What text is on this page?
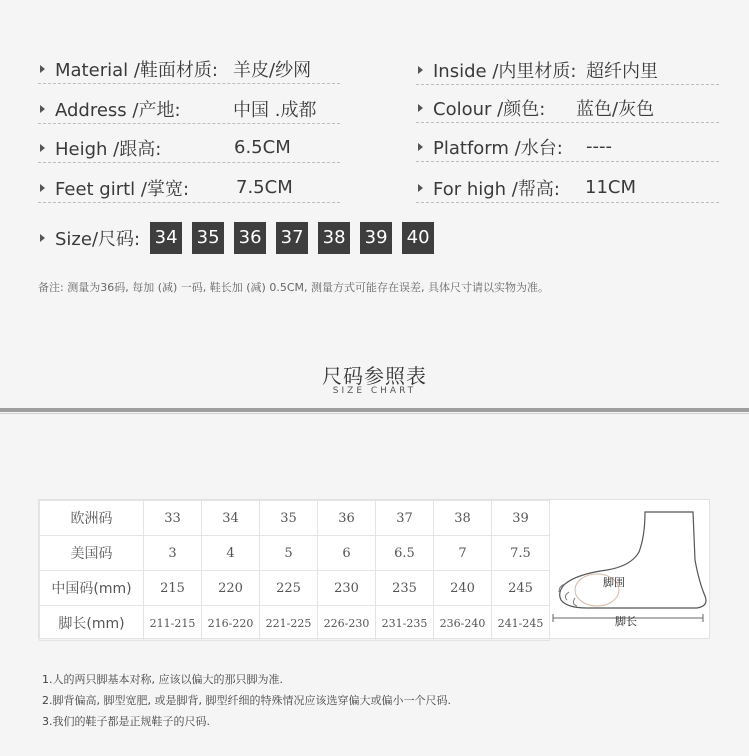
Material /鞋面材质: 羊皮/纱网	Inside /内里材质: 超纤内里
Address /产地:	中国 .成都	Colour /颜色: 蓝色/灰色
Heigh /跟高:	6.5CM	Platform /水台: ----
Feet girtl /掌宽:	7.5CM	For high /帮高: 11CM
Size/尺码: 34 35 36 37 38 39 40
备注: 测量为36码, 每加 (减) 一码, 鞋长加 (减) 0.5CM, 测量方式可能存在误差, 具体尺寸请以实物为准。
尺码参照表
SIZE CHART
欧洲码	33	34	35	36	37	38	39
美国码	3	4	5	6	6.5	7	7.5
中国码(mm)	215	220	225	230	235	240	245
脚长(mm)	211-215	216-220	221-225	226-230	231-235	236-240	241-245
脚围
脚长
1.人的两只脚基本对称, 应该以偏大的那只脚为准.
2.脚背偏高, 脚型宽肥, 或是脚背, 脚型纤细的特殊情况应该选穿偏大或偏小一个尺码.
3.我们的鞋子都是正规鞋子的尺码.
